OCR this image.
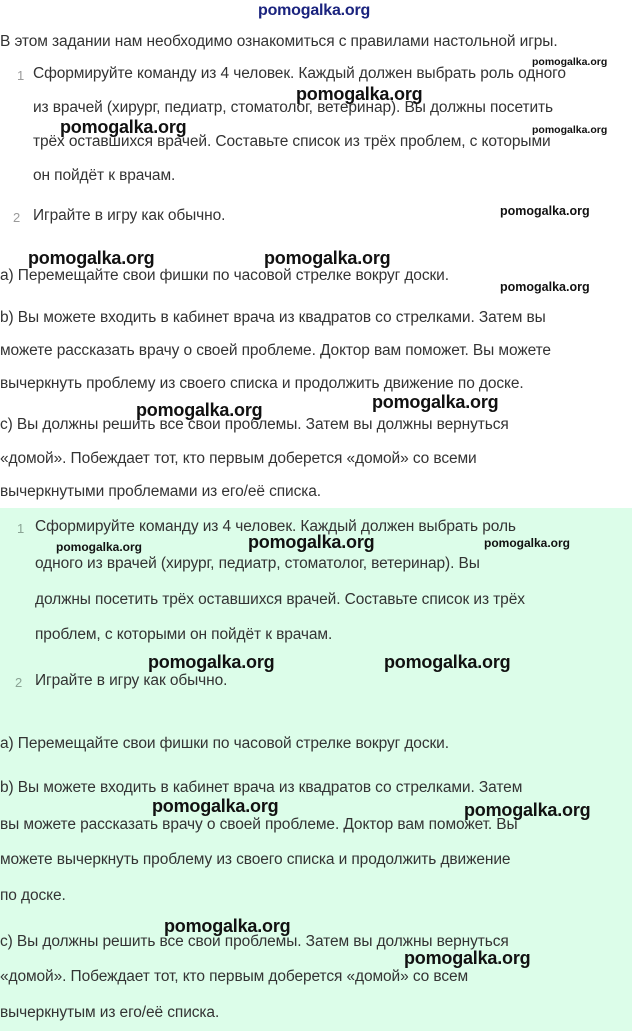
pomogalka.org
В этом задании нам необходимо ознакомиться с правилами настольной игры.
1 Сформируйте команду из 4 человек. Каждый должен выбрать роль одного
из врачей (хирург, педиатр, стоматолог, ветеринар). Вы должны посетить
трёх оставшихся врачей. Составьте список из трёх проблем, с которыми
он пойдёт к врачам.
2 Играйте в игру как обычно.
a) Перемещайте свои фишки по часовой стрелке вокруг доски.
b) Вы можете входить в кабинет врача из квадратов со стрелками. Затем вы
можете рассказать врачу о своей проблеме. Доктор вам поможет. Вы можете
вычеркнуть проблему из своего списка и продолжить движение по доске.
c) Вы должны решить все свои проблемы. Затем вы должны вернуться
«домой». Побеждает тот, кто первым доберется «домой» со всеми
вычеркнутыми проблемами из его/её списка.
1 Сформируйте команду из 4 человек. Каждый должен выбрать роль
одного из врачей (хирург, педиатр, стоматолог, ветеринар). Вы
должны посетить трёх оставшихся врачей. Составьте список из трёх
проблем, с которыми он пойдёт к врачам.
2 Играйте в игру как обычно.
a) Перемещайте свои фишки по часовой стрелке вокруг доски.
b) Вы можете входить в кабинет врача из квадратов со стрелками. Затем
вы можете рассказать врачу о своей проблеме. Доктор вам поможет. Вы
можете вычеркнуть проблему из своего списка и продолжить движение
по доске.
c) Вы должны решить все свои проблемы. Затем вы должны вернуться
«домой». Побеждает тот, кто первым доберется «домой» со всем
вычеркнутым из его/её списка.
pomogalka.org
pomogalka.org
pomogalka.org	pomogalka.org
pomogalka.org
pomogalka.org	pomogalka.org
pomogalka.org
pomogalka.org
pomogalka.org
pomogalka.org
pomogalka.org	pomogalka.org
pomogalka.org	pomogalka.org
pomogalka.org	pomogalka.org
pomogalka.org
pomogalka.org
